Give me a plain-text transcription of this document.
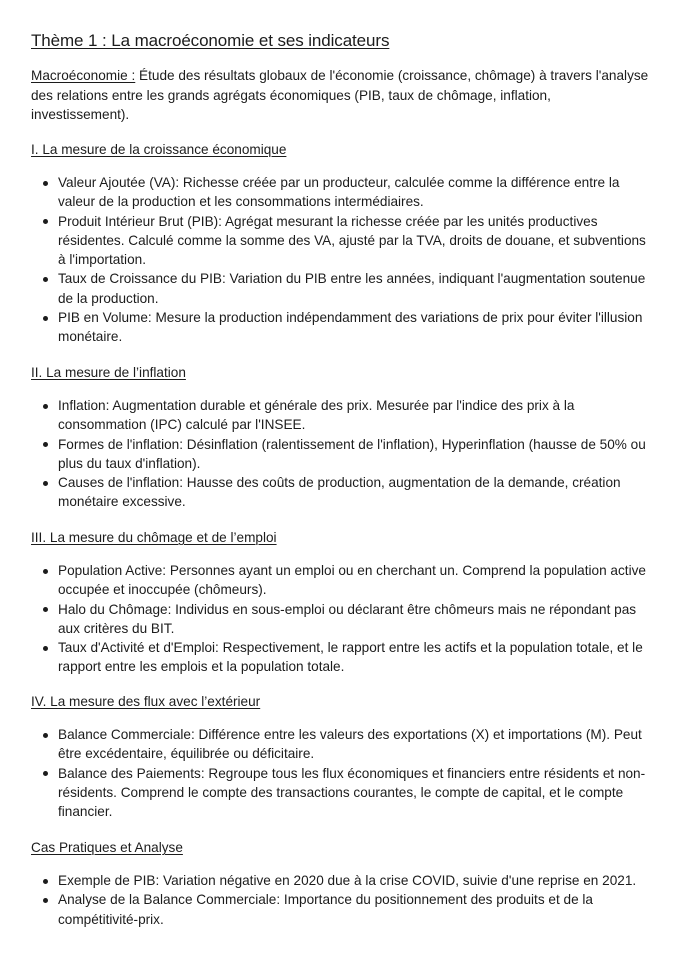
Thème 1 : La macroéconomie et ses indicateurs

Macroéconomie : Étude des résultats globaux de l'économie (croissance, chômage) à travers l'analyse des relations entre les grands agrégats économiques (PIB, taux de chômage, inflation, investissement).

I. La mesure de la croissance économique
Valeur Ajoutée (VA): Richesse créée par un producteur, calculée comme la différence entre la valeur de la production et les consommations intermédiaires.
Produit Intérieur Brut (PIB): Agrégat mesurant la richesse créée par les unités productives résidentes. Calculé comme la somme des VA, ajusté par la TVA, droits de douane, et subventions à l'importation.
Taux de Croissance du PIB: Variation du PIB entre les années, indiquant l'augmentation soutenue de la production.
PIB en Volume: Mesure la production indépendamment des variations de prix pour éviter l'illusion monétaire.
II. La mesure de l’inflation
Inflation: Augmentation durable et générale des prix. Mesurée par l'indice des prix à la consommation (IPC) calculé par l'INSEE.
Formes de l'inflation: Désinflation (ralentissement de l'inflation), Hyperinflation (hausse de 50% ou plus du taux d'inflation).
Causes de l'inflation: Hausse des coûts de production, augmentation de la demande, création monétaire excessive.
III. La mesure du chômage et de l’emploi
Population Active: Personnes ayant un emploi ou en cherchant un. Comprend la population active occupée et inoccupée (chômeurs).
Halo du Chômage: Individus en sous-emploi ou déclarant être chômeurs mais ne répondant pas aux critères du BIT.
Taux d'Activité et d'Emploi: Respectivement, le rapport entre les actifs et la population totale, et le rapport entre les emplois et la population totale.
IV. La mesure des flux avec l’extérieur
Balance Commerciale: Différence entre les valeurs des exportations (X) et importations (M). Peut être excédentaire, équilibrée ou déficitaire.
Balance des Paiements: Regroupe tous les flux économiques et financiers entre résidents et non-résidents. Comprend le compte des transactions courantes, le compte de capital, et le compte financier.
Cas Pratiques et Analyse
Exemple de PIB: Variation négative en 2020 due à la crise COVID, suivie d'une reprise en 2021.
Analyse de la Balance Commerciale: Importance du positionnement des produits et de la compétitivité-prix.
